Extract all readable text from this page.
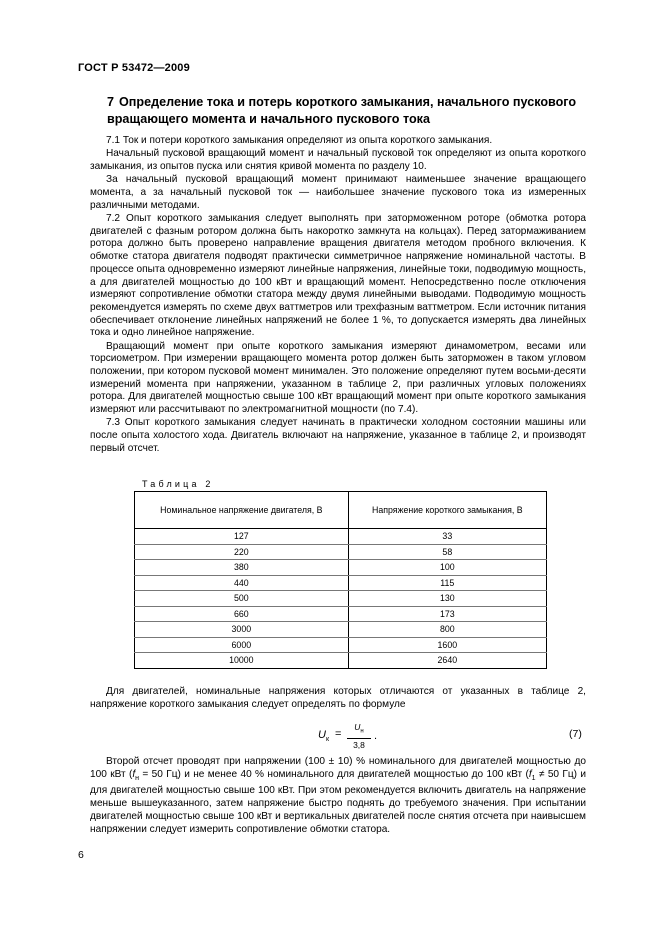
ГОСТ Р 53472—2009
7 Определение тока и потерь короткого замыкания, начального пускового вращающего момента и начального пускового тока

7.1 Ток и потери короткого замыкания определяют из опыта короткого замыкания.

Начальный пусковой вращающий момент и начальный пусковой ток определяют из опыта короткого замыкания, из опытов пуска или снятия кривой момента по разделу 10.

За начальный пусковой вращающий момент принимают наименьшее значение вращающего момента, а за начальный пусковой ток — наибольшее значение пускового тока из измеренных различными методами.

7.2 Опыт короткого замыкания следует выполнять при заторможенном роторе (обмотка ротора двигателей с фазным ротором должна быть накоротко замкнута на кольцах). Перед затормаживанием ротора должно быть проверено направление вращения двигателя методом пробного включения. К обмотке статора двигателя подводят практически симметричное напряжение номинальной частоты. В процессе опыта одновременно измеряют линейные напряжения, линейные токи, подводимую мощность, а для двигателей мощностью до 100 кВт и вращающий момент. Непосредственно после отключения измеряют сопротивление обмотки статора между двумя линейными выводами. Подводимую мощность рекомендуется измерять по схеме двух ваттметров или трехфазным ваттметром. Если источник питания обеспечивает отклонение линейных напряжений не более 1 %, то допускается измерять два линейных тока и одно линейное напряжение.

Вращающий момент при опыте короткого замыкания измеряют динамометром, весами или торсиометром. При измерении вращающего момента ротор должен быть заторможен в таком угловом положении, при котором пусковой момент минимален. Это положение определяют путем восьми-десяти измерений момента при напряжении, указанном в таблице 2, при различных угловых положениях ротора. Для двигателей мощностью свыше 100 кВт вращающий момент при опыте короткого замыкания измеряют или рассчитывают по электромагнитной мощности (по 7.4).

7.3 Опыт короткого замыкания следует начинать в практически холодном состоянии машины или после опыта холостого хода. Двигатель включают на напряжение, указанное в таблице 2, и производят первый отсчет.

Таблица 2
Номинальное напряжение двигателя, В	Напряжение короткого замыкания, В
127	33
220	58
380	100
440	115
500	130
660	173
3000	800
6000	1600
10000	2640

Для двигателей, номинальные напряжения которых отличаются от указанных в таблице 2, напряжение короткого замыкания следует определять по формуле

$U_к$ =
$U_н$
3,8
.	(7)

Второй отсчет проводят при напряжении (100 ± 10) % номинального для двигателей мощностью до 100 кВт ($f_н = 50$ Гц) и не менее 40 % номинального для двигателей мощностью до 100 кВт ($f_1 \ne 50$ Гц) и для двигателей мощностью свыше 100 кВт. При этом рекомендуется включить двигатель на напряжение меньше вышеуказанного, затем напряжение быстро поднять до требуемого значения. При испытании двигателей мощностью свыше 100 кВт и вертикальных двигателей после снятия отсчета при наивысшем напряжении следует измерить сопротивление обмотки статора.

6
